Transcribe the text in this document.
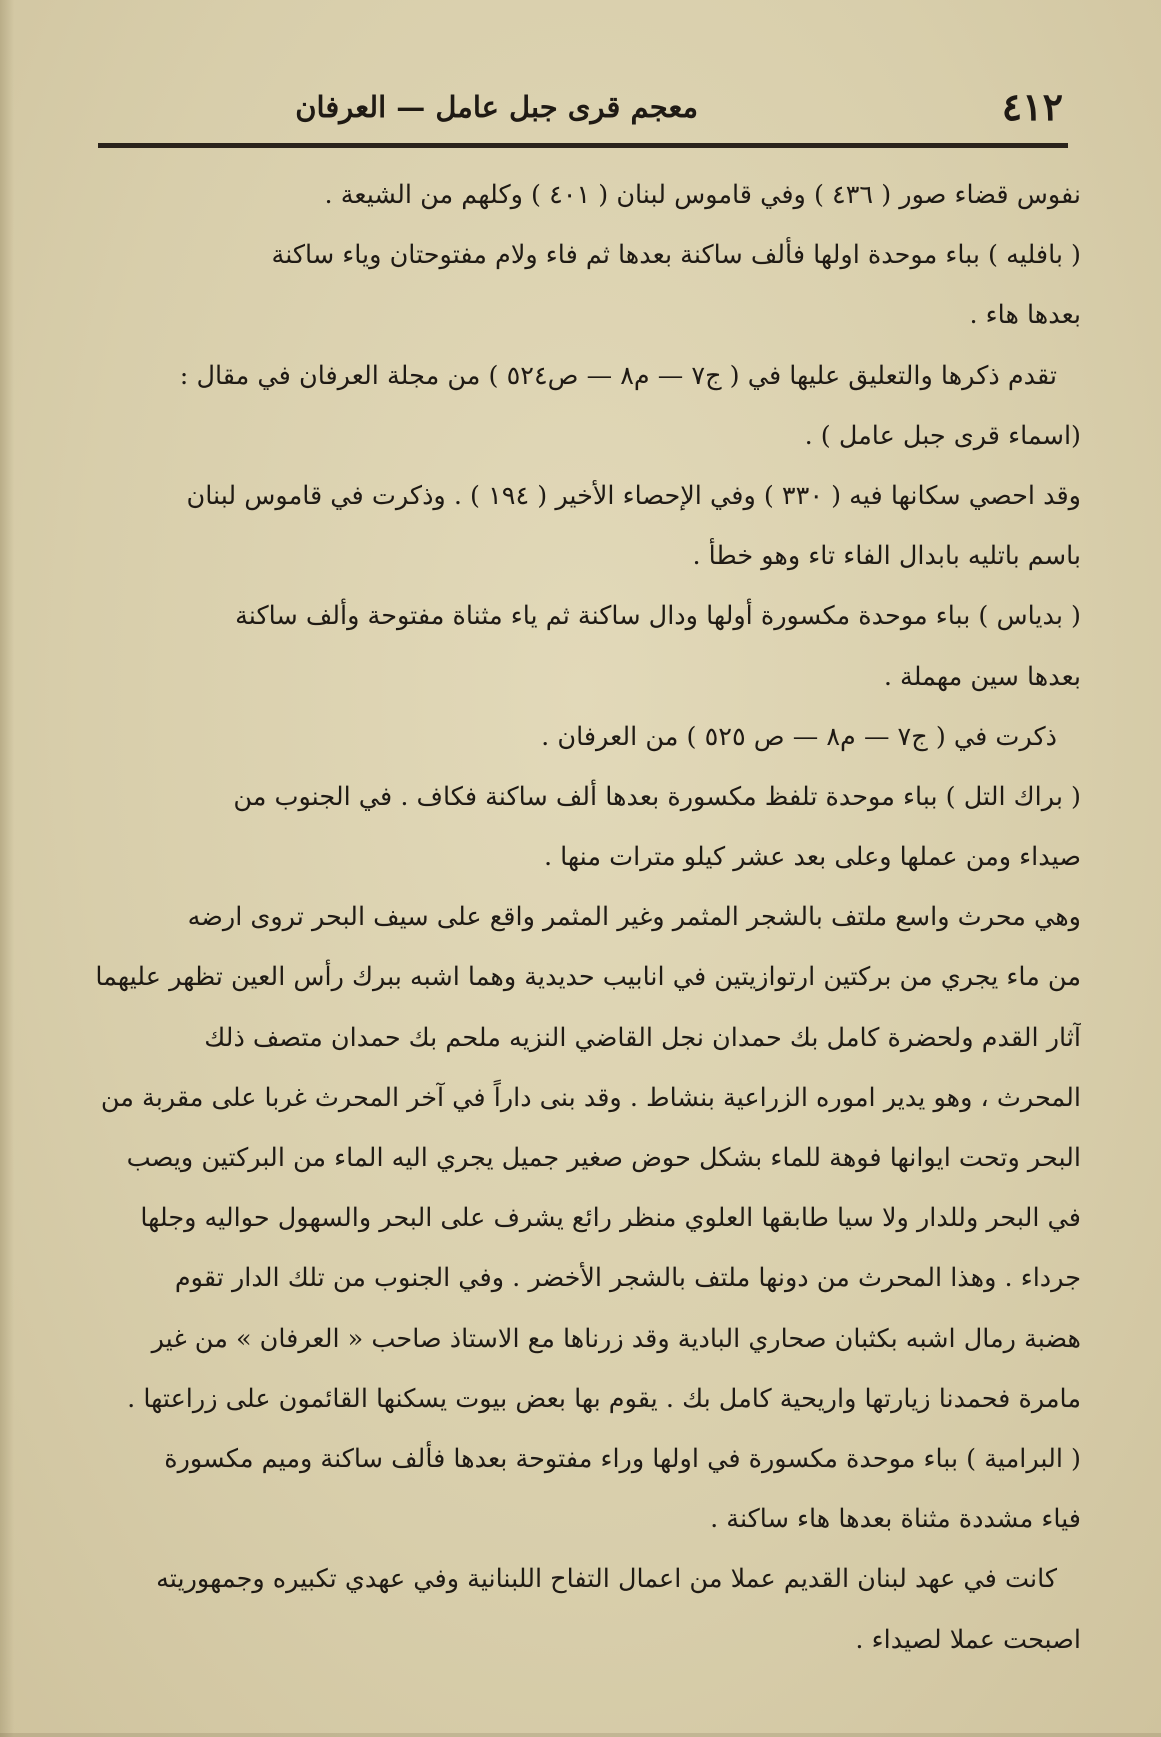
٤١٢
معجم قرى جبل عامل — العرفان
نفوس قضاء صور ( ٤٣٦ ) وفي قاموس لبنان ( ٤٠١ ) وكلهم من الشيعة .
( بافليه ) بباء موحدة اولها فألف ساكنة بعدها ثم فاء ولام مفتوحتان وياء ساكنة
بعدها هاء .
تقدم ذكرها والتعليق عليها في ( ج٧ — م٨ — ص٥٢٤ ) من مجلة العرفان في مقال :
(اسماء قرى جبل عامل ) .
وقد احصي سكانها فيه ( ٣٣٠ ) وفي الإحصاء الأخير ( ١٩٤ ) . وذكرت في قاموس لبنان
باسم باتليه بابدال الفاء تاء وهو خطأ .
( بدياس ) بباء موحدة مكسورة أولها ودال ساكنة ثم ياء مثناة مفتوحة وألف ساكنة
بعدها سين مهملة .
ذكرت في ( ج٧ — م٨ — ص ٥٢٥ ) من العرفان .
( براك التل ) بباء موحدة تلفظ مكسورة بعدها ألف ساكنة فكاف . في الجنوب من
صيداء ومن عملها وعلى بعد عشر كيلو مترات منها .
وهي محرث واسع ملتف بالشجر المثمر وغير المثمر واقع على سيف البحر تروى ارضه
من ماء يجري من بركتين ارتوازيتين في انابيب حديدية وهما اشبه ببرك رأس العين تظهر عليهما
آثار القدم ولحضرة كامل بك حمدان نجل القاضي النزيه ملحم بك حمدان متصف ذلك
المحرث ، وهو يدير اموره الزراعية بنشاط . وقد بنى داراً في آخر المحرث غربا على مقربة من
البحر وتحت ايوانها فوهة للماء بشكل حوض صغير جميل يجري اليه الماء من البركتين ويصب
في البحر وللدار ولا سيا طابقها العلوي منظر رائع يشرف على البحر والسهول حواليه وجلها
جرداء . وهذا المحرث من دونها ملتف بالشجر الأخضر . وفي الجنوب من تلك الدار تقوم
هضبة رمال اشبه بكثبان صحاري البادية وقد زرناها مع الاستاذ صاحب « العرفان » من غير
مامرة فحمدنا زيارتها واريحية كامل بك . يقوم بها بعض بيوت يسكنها القائمون على زراعتها .
( البرامية ) بباء موحدة مكسورة في اولها وراء مفتوحة بعدها فألف ساكنة وميم مكسورة
فياء مشددة مثناة بعدها هاء ساكنة .
كانت في عهد لبنان القديم عملا من اعمال التفاح اللبنانية وفي عهدي تكبيره وجمهوريته
اصبحت عملا لصيداء .
